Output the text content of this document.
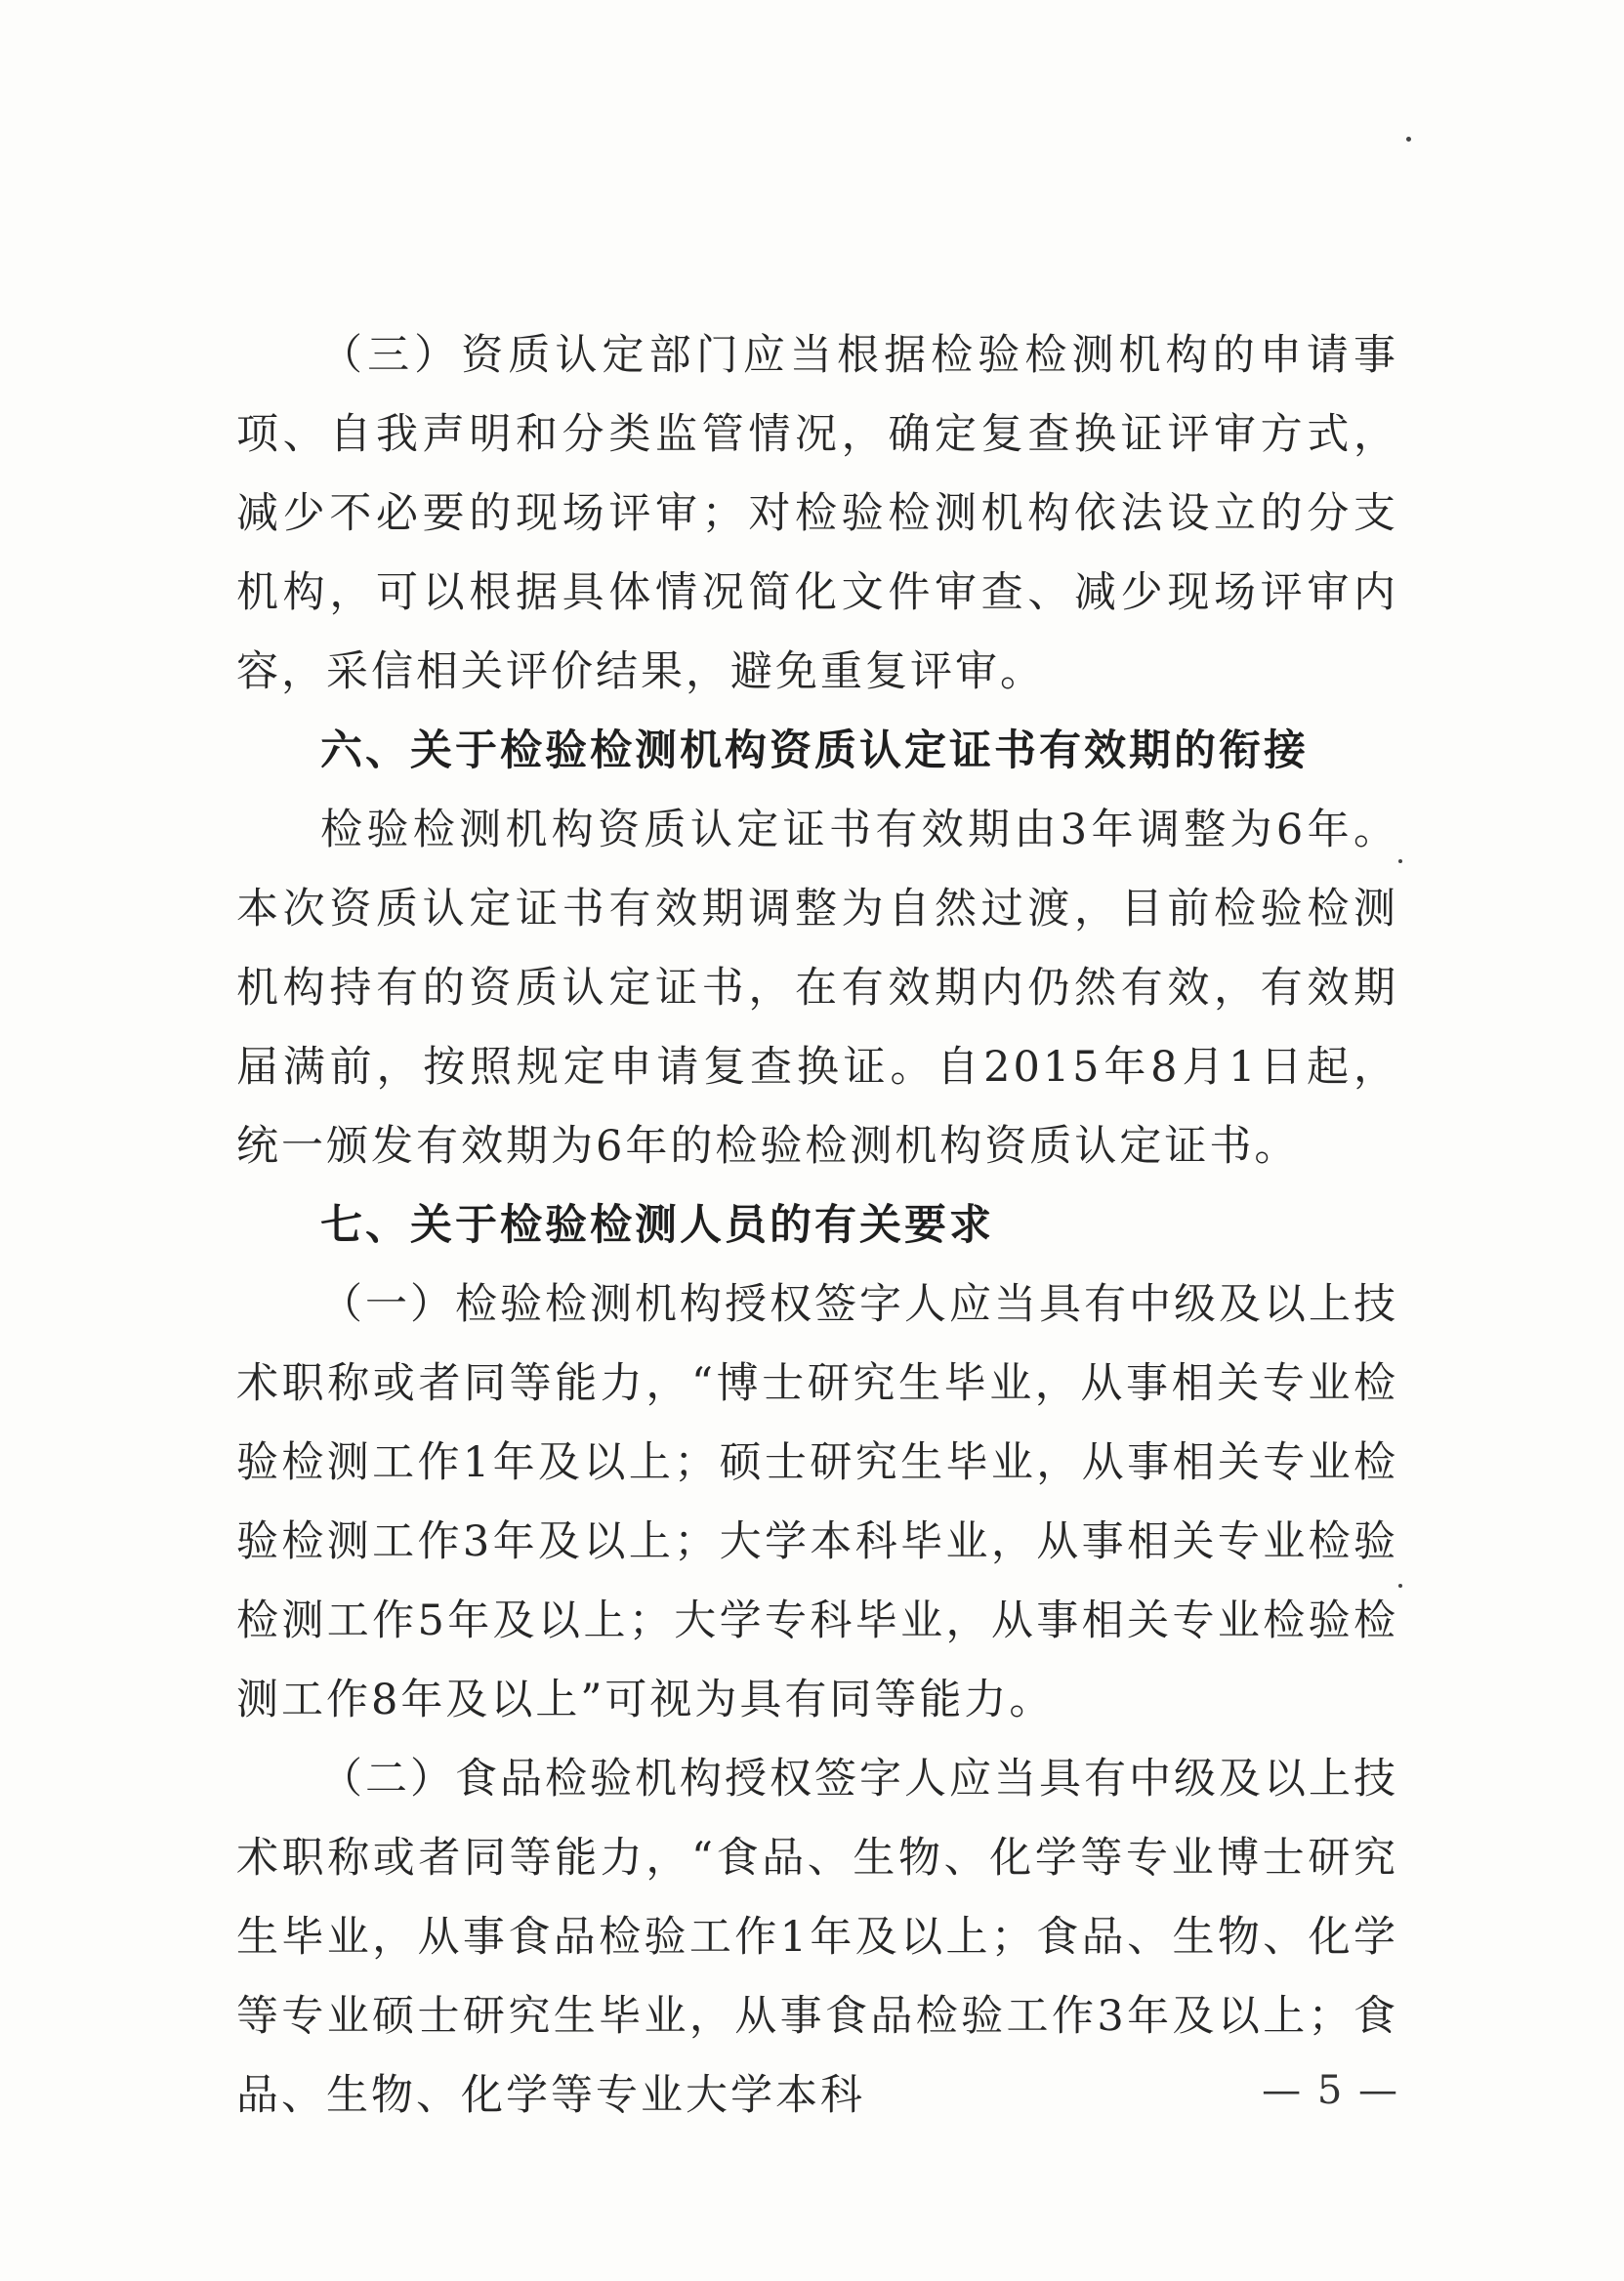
（三）资质认定部门应当根据检验检测机构的申请事项、自我声明和分类监管情况，确定复查换证评审方式，减少不必要的现场评审；对检验检测机构依法设立的分支机构，可以根据具体情况简化文件审查、减少现场评审内容，采信相关评价结果，避免重复评审。

六、关于检验检测机构资质认定证书有效期的衔接

检验检测机构资质认定证书有效期由3年调整为6年。本次资质认定证书有效期调整为自然过渡，目前检验检测机构持有的资质认定证书，在有效期内仍然有效，有效期届满前，按照规定申请复查换证。自2015年8月1日起，统一颁发有效期为6年的检验检测机构资质认定证书。

七、关于检验检测人员的有关要求

（一）检验检测机构授权签字人应当具有中级及以上技术职称或者同等能力，“博士研究生毕业，从事相关专业检验检测工作1年及以上；硕士研究生毕业，从事相关专业检验检测工作3年及以上；大学本科毕业，从事相关专业检验检测工作5年及以上；大学专科毕业，从事相关专业检验检测工作8年及以上”可视为具有同等能力。

（二）食品检验机构授权签字人应当具有中级及以上技术职称或者同等能力，“食品、生物、化学等专业博士研究生毕业，从事食品检验工作1年及以上；食品、生物、化学等专业硕士研究生毕业，从事食品检验工作3年及以上；食品、生物、化学等专业大学本科	— 5 —
